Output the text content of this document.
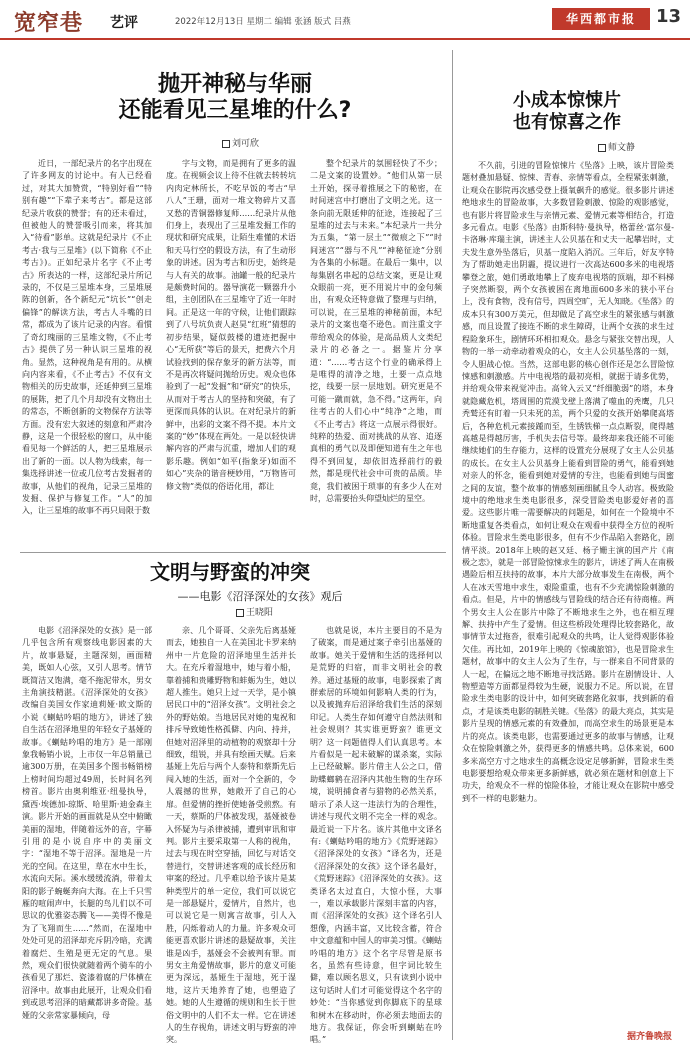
宽窄巷 艺评	2022年12月13日 星期二 编辑 张涵 版式 吕燕	华西都市报	13
抛开神秘与华丽
还能看见三星堆的什么?
刘可欣

近日，一部纪录片的名字出现在了许多网友的讨论中。有人已经看过，对其大加赞赏，“特别好看”“特别有趣”“下辈子来考古”。都是这部纪录片收获的赞誉；有的还未看过，但被他人的赞誉吸引而来，将其加入“待看”影单。这就是纪录片《不止考古·我与三星堆》(以下简称《不止考古》)。正如纪录片名字《不止考古》所表达的一样，这部纪录片所记录的，不仅是三星堆本身，三星堆展陈的创新，各个新纪元“坑长”“创走偏锋”的解读方法，考古人斗嘴的日常，都成为了该片记录的内容。看惯了奇幻瑰丽的三星堆文物，《不止考古》提供了另一种认识三星堆的视角。显然，这种视角是有用的。从横向内容来看，《不止考古》不仅有文物相关的历史故事，还延伸到三星堆的展陈，把了几个月却没有文物出土的常态，不断创新的文物保存方法等方面。没有宏大叙述的刻意和严肃冷静，这是一个很轻松的窗口，从中能看见每一个鲜活的人，把三星堆展示出了新的一面。以人物为线索，每一集选择讲述一位或几位考古发掘者的故事，从他们的视角，记录三星堆的发掘、保护与修复工作。“人”的加入，让三星堆的故事不再只局限于数

字与文物，而是拥有了更多的温度。在视频会议上待不住就去转转坑内肉定林所长，不吃早饭的考古“早八人”王珊，面对一堆文物碎片又喜又愁的青铜器修复师……纪录片从他们身上，表现出了三星堆发掘工作的现状和研究成果，让陌生难懂的术语和天马行空的假设方法，有了生动形象的讲述。因为考古和历史，始终是与人有关的故事。油罐一般的纪录片是颇费时间的。器导演花一颗器升小组，主创团队在三星堆守了近一年时间。正是这一年的守候，让他们跟踪到了八号坑负责人赵昊“红班”猜想的初步结果，疑似鼓楼的遗迹把握中心“无所获”等后的景天，把费六个月试验找到的保存象牙的新方法等，而不是再次将疑问抛给历史。观众也体验到了一起“发掘”和“研究”的快乐，从而对于考古人的坚持和突破，有了更深而具体的认识。在对纪录片的新鲜中，出彩的文案不得不提。本片文案的“妙”体现在两处。一是以轻快讲解内容的严肃与沉重，增加人们的观影乐趣。例如“如平(指象牙)如面不如心”夹杂的谐音梗妙用，“万物皆可修文物”类似的俗语化用，都让

整个纪录片的氛围轻快了不少；二是文案的设置妙。“他们从第一层土开始，探寻着推展之下的秘密，在时间迷宫中打磨出了文明之光。这一条向前无限延伸的征途，连接起了三星堆的过去与未来。”本纪录片一共分为五集，“第一层土”“微痕之下”“时间迷宫”“器与不凡”“神秘征途”分别为各集的小标题。在最后一集中，以每集剧名串起的总结文案，更是让观众眼前一亮，更不用说片中的金句频出，有观众还特意做了整理与归纳，可以说，在三星堆的神秘前面，本纪录片的文案也毫不逊色。而注重文字带给观众的体验，是高品质人文类纪录片的必备之一。据鉴片分享道：“……考古这个行业的确承得上是唯得的清净之地，土要一点点地挖，线要一层一层地划。研究更是不可能一蹴而就，急不得。”这两年，向往考古的人们心中“纯净”之地，而《不止考古》将这一点展示得很好。纯粹的热爱、面对挑战的从容、追逐真相的勇气以及即便知道有生之年也得不到回复，却依旧选择前行的毅然，都是现代社会中可贵的品质。毕竟，我们被困于琐事的有多少人在对时，总需要抬头仰望灿烂的星空。

文明与野蛮的冲突
——电影《沼泽深处的女孩》观后
王晓阳

电影《沼泽深处的女孩》是一部几乎包含所有观察线电影因素的大片，故事悬疑，主题深刻，画面精美，既如人心弦，又引人思考。情节既简洁又饱满，毫不拖泥带水，男女主角演技精湛。《沼泽深处的女孩》改编自美国女作家迪莉娅·欧文斯的小说《蝲蛄吟唱的地方》，讲述了独自生活在沼泽地里的年轻女子基娅的故事。《蝲蛄吟唱的地方》是一部刚象我畅销小说，上市仅一年总销量已逾300万册，在美国多个图书畅销榜上榜时间均超过49周，长时间名列榜首。影片由奥利维亚·纽曼执导，黛西·埃德加-琼斯、哈里斯·迪金森主演。影片开始的画面就是从空中俯瞰美丽的湿地，伴随着远外的音，字幕引用的是小说自序中的美丽文字：“湿地不等于沼泽。湿地是一片光的空间。在这里，草在水中生长，水流向天际。溪水缓缓流淌，带着太阳的影子蜿蜒奔向大海。在上千只雪雁的喧闹声中，长腿的鸟儿们以不可思议的优雅姿态腾飞——美得不像是为了飞翔而生……”然而，在湿地中处处可见的沼泽却充斥阴冷暗，充满着腐烂、生殖是更无定的气息。果然，观众们很快就随着两个骑车的小孩看见了那烂、瓷漆着腐的尸体横在沼泽中。故事由此展开，让观众们看到或思考沼泽的暗藏都讲多奇险。基娅的父亲常家暴倾向，母

亲、几个哥哥、父亲先后离基娅而去，她独自一人在美国北卡罗来纳州中一片危险的沼泽地里生活并长大。在充斥着湿地中，她与着小船，靠着捕和贵雕野物和蚌蛎为生，她以超人推生。她只上过一天学，是小镇居民口中的“沼泽女孩”。文明社会之外的野姑娘。当地居民对她的鬼祝和排斥导致她性格孤僻、内向、持并，但她对沼泽里的动植物的观察却十分细致，组锐，并具有绘画天赋。后来基娅上先后与两个人泰特和蔡斯先后闯入她的生活，面对一个全新的，令人震撼的世界，她敞开了自己的心扉。但爱情的挫折使她备受煎熬。有一天，蔡斯的尸体被发现，基娅被卷入怀疑为与杀律被捕，遭到审讯和审判。影片主要采取第一人称的视角，过去与现在时空穿插，回忆与对话交替进行，交替讲述客观的成长经历和审案的经过。几乎难以给予该片是某种类型片的单一定位，我们可以说它是一部悬疑片，爱情片，自然片，也可以说它是一则寓言故事，引人入胜，闪烁着动人的力量。许多观众可能更喜欢影片讲述的悬疑故事，关注谁是凶手，基娅会不会被判有罪。而男女主角爱情故事，影片的意义可能更为深远，基娅生于湿地，死于湿地，这片天地养育了她，也塑造了她。她的人生遵循的规则和生长于世俗文明中的人们不太一样。它在讲述人的生存视角，讲述文明与野蛮的冲突。

也就是说，本片主要目的不是为了破案，而是通过案子牵引出基娅的故事。她关于爱情和生活的选择何以是荒野的归宿，而非文明社会的教养。通过基娅的故事，电影探索了离群索居的环境如何影响人类的行为，以及被抛弃后沼泽给我们生活的深刻印记。人类生存如何遵守自然法则和社会规则？其实谁更野蛮？谁更文明？这一问题值得人们认真思考。本片看似是一起未破解的谋杀案，实际上已经破解。影片借主人公之口，借助蝶螂鹤在沼泽内其他生物的生存环境，说明捕食者与猎物的必然关系，暗示了杀人这一违法行为的合理性，讲述与现代文明不完全一样的观念。最近说一下片名。该片其他中文译名有:《蝲蛄吟唱的地方》《荒野迷踪》《沼泽深处的女孩》“译名为，还是《沼泽深处的女孩》这个译名最好，《荒野迷踪》《沼泽深处的女孩》。这类译名太过直白，大惊小怪，大事一，难以承载影片深刻丰富的内容，而《沼泽深处的女孩》这个译名引人想像，内涵丰富，又比较含蓄，符合中文意蕴和中国人的审美习惯。《蝲蛄吟唱的地方》这个名字尽管是原书名，虽然有些诗意，但字词比较生僻，难以顾名思义，只有读到小说中这句话时人们才可能觉得这个名字的妙处：“当你感觉到你脚底下的星球和树木在移动时，你必须去地面去的地方。我保证，你会听到蝲蛄在吟唱。”

小成本惊悚片
也有惊喜之作
师文静

不久前，引进的冒险惊悚片《坠落》上映，该片冒险类题材叠加悬疑、惊悚、青春、亲情等看点，全程紧张刺激，让观众在影院再次感受登上摄氧飙升的感觉。很多影片讲述绝地求生的冒险故事，大多数冒险刺激、惊险的观影感觉，也有影片将冒险求生与亲情元素、爱情元素等相结合，打造多元看点。电影《坠落》由斯科特·曼执导，格蕾丝·富尔曼-卡洛琳·库瑞主演，讲述主人公贝基在和丈夫一起攀岩时，丈夫发生意外坠落后，贝基一度陷入消沉。三年后，好友亨特为了帮助她走出阴霾，提议进行一次高达600多米的电视塔攀登之旅，她们勇敢地攀上了废弃电视塔的顶端，却不料梯子突然断裂，两个女孩被困在离地面600多米的狭小平台上，没有食物，没有信号，四周空旷，无人知晓。《坠落》的成本只有300万美元，但却做足了高空求生的紧张感与刺激感，而且设置了接连不断的求生障碍，让两个女孩的求生过程险象环生，剧情环环相扣观众。悬念与紧张交替出现，人物的一举一动牵动着观众的心，女主人公贝基坠落的一刻，令人胆战心惊。当然，这部电影的核心创作还是怎么冒险惊悚感和刺激感。片中电视塔的最初亮相，就据于请多优势，并给观众带来视觉冲击。高耸入云又“纤细脆弱”的塔，本身就隐藏危机，塔周围的荒漠戈壁上落满了噬血的秃鹰，几只秃鹫还有盯着一只未死的羔，两个只爱的女孩开始攀爬高塔后，各种危机元素接踵而至，生锈铁梯一点点断裂，爬得越高越是得越厉害，手机失去信号等。最终却来我还能不可能继续她们的生存能力，这样的设置充分展现了女主人公贝基的成长。在女主人公贝基身上能看到冒险的勇气，能看到她对亲人的怀念，能看到她对爱情的专注，也能看到她与闺蜜之间的友谊，整个故事的情感刻画细腻且令人动容。极致险境中的绝地求生类电影很多，深受冒险类电影爱好者的喜爱。这些影片唯一需要解决的问题是，如何在一个险境中不断地重复各类看点，如何让观众在观看中获得全方位的视听体验。冒险求生类电影很多，但有不少作品陷入套路化，剧情平淡。2018年上映的赵又廷、杨子姗主演的国产片《南极之恋》，就是一部冒险惊悚求生的影片，讲述了两人在南极遇险后相互扶持的故事，本片大部分故事发生在南极，两个人在冰天雪地中求生，艰险重重，也有不少充满惊险刺激的看点。但是，片中的情感线与冒险线的结合还有待商榷。两个男女主人公在影片中除了不断地求生之外，也在相互理解、扶持中产生了爱情。但这些桥段处理得比较套路化，故事情节太过拖沓，很难引起观众的共鸣，让人觉得观影体验欠佳。再比如，2019年上映的《惊魂旅馆》，也是冒险求生题材，故事中的女主人公为了生存，与一群来自不同背景的人一起，在偏远之地不断地寻找活路。影片在剧情设计、人物塑造等方面都显得较为生硬，说服力不足。所以说，在冒险求生类电影的设计中，如何突破套路化叙事，找到新的看点，才是该类电影的制胜关键。《坠落》的最大亮点，其实是影片呈现的情感元素的有效叠加，而高空求生的场景更是本片的亮点。该类电影，也需要通过更多的故事与情感，让观众在惊险刺激之外，获得更多的情感共鸣。总体来说，600多米高空方寸之地求生的高概念设定足够新鲜，冒险求生类电影要想给观众带来更多新鲜感，就必须在题材和创意上下功夫，给观众不一样的惊险体验，才能让观众在影院中感受到不一样的电影魅力。

据齐鲁晚报
